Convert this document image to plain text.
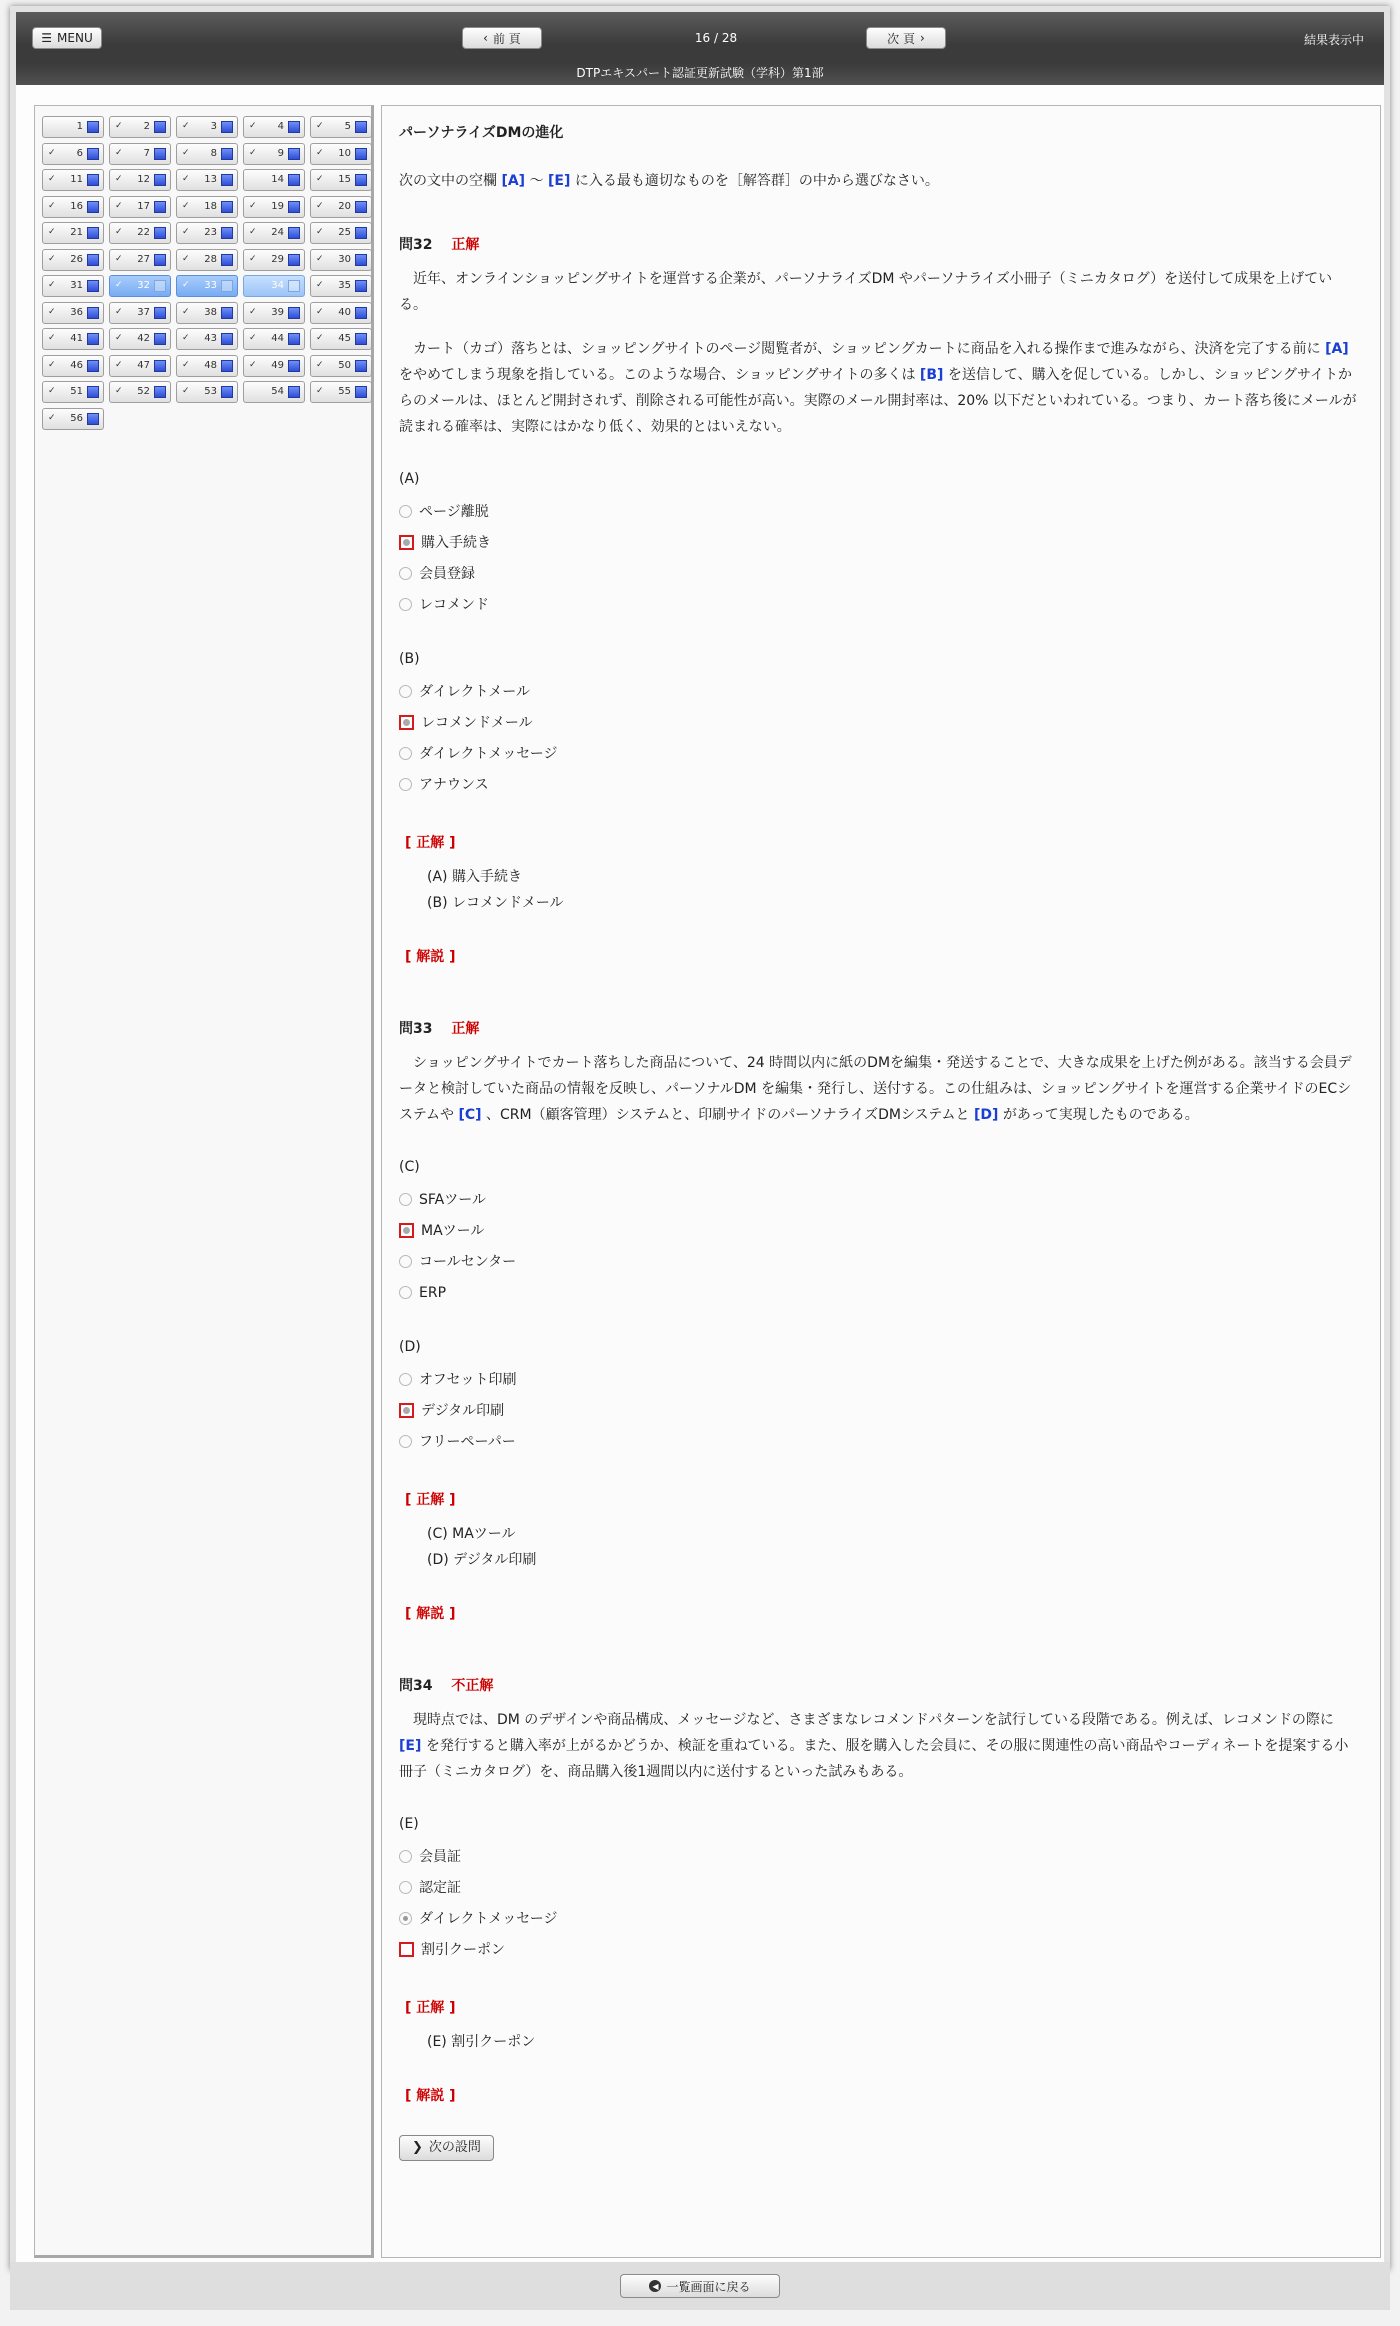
☰ MENU	‹ 前 頁	16 / 28	次 頁 ›	結果表示中
DTPエキスパート認証更新試験（学科）第1部
1	✓	2	✓	3	✓	4	✓	5
✓	6	✓	7	✓	8	✓	9	✓	10
✓	11	✓	12	✓	13	14	✓	15
✓	16	✓	17	✓	18	✓	19	✓	20
✓	21	✓	22	✓	23	✓	24	✓	25
✓	26	✓	27	✓	28	✓	29	✓	30
✓	31	✓	32	✓	33	34	✓	35
✓	36	✓	37	✓	38	✓	39	✓	40
✓	41	✓	42	✓	43	✓	44	✓	45
✓	46	✓	47	✓	48	✓	49	✓	50
✓	51	✓	52	✓	53	54	✓	55
✓	56
パーソナライズDMの進化
次の文中の空欄 [A] 〜 [E] に入る最も適切なものを［解答群］の中から選びなさい。
問32 正解
　近年、オンラインショッピングサイトを運営する企業が、パーソナライズDM やパーソナライズ小冊子（ミニカタログ）を送付して成果を上げている。
　カート（カゴ）落ちとは、ショッピングサイトのページ閲覧者が、ショッピングカートに商品を入れる操作まで進みながら、決済を完了する前に [A] をやめてしまう現象を指している。このような場合、ショッピングサイトの多くは [B] を送信して、購入を促している。しかし、ショッピングサイトからのメールは、ほとんど開封されず、削除される可能性が高い。実際のメール開封率は、20% 以下だといわれている。つまり、カート落ち後にメールが読まれる確率は、実際にはかなり低く、効果的とはいえない。
(A)
ページ離脱
購入手続き
会員登録
レコメンド
(B)
ダイレクトメール
レコメンドメール
ダイレクトメッセージ
アナウンス
[ 正解 ]
(A) 購入手続き
(B) レコメンドメール
[ 解説 ]
問33 正解
　ショッピングサイトでカート落ちした商品について、24 時間以内に紙のDMを編集・発送することで、大きな成果を上げた例がある。該当する会員データと検討していた商品の情報を反映し、パーソナルDM を編集・発行し、送付する。この仕組みは、ショッピングサイトを運営する企業サイドのECシステムや [C] 、CRM（顧客管理）システムと、印刷サイドのパーソナライズDMシステムと [D] があって実現したものである。
(C)
SFAツール
MAツール
コールセンター
ERP
(D)
オフセット印刷
デジタル印刷
フリーペーパー
[ 正解 ]
(C) MAツール
(D) デジタル印刷
[ 解説 ]
問34 不正解
　現時点では、DM のデザインや商品構成、メッセージなど、さまざまなレコメンドパターンを試行している段階である。例えば、レコメンドの際に [E] を発行すると購入率が上がるかどうか、検証を重ねている。また、服を購入した会員に、その服に関連性の高い商品やコーディネートを提案する小冊子（ミニカタログ）を、商品購入後1週間以内に送付するといった試みもある。
(E)
会員証
認定証
ダイレクトメッセージ
割引クーポン
[ 正解 ]
(E) 割引クーポン
[ 解説 ]
❯ 次の設問
◀ 一覧画面に戻る
